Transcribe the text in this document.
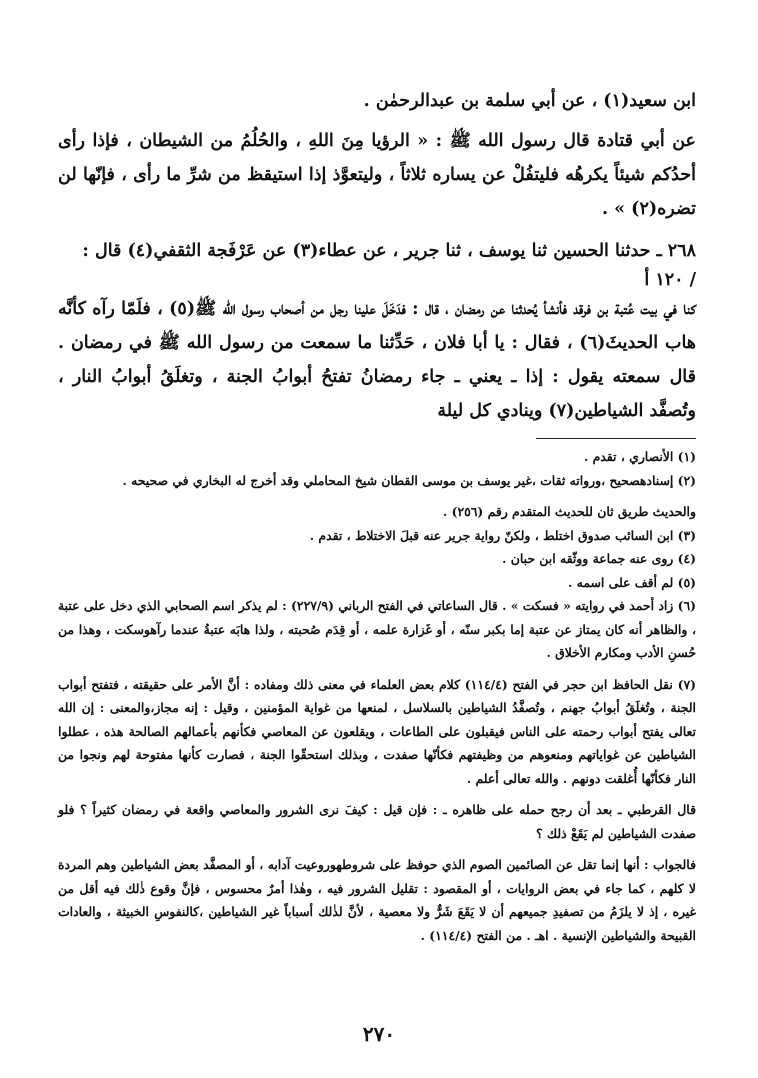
ابن سعيد(١) ، عن أبي سلمة بن عبدالرحمٰن .

عن أبي قتادة قال رسول الله ﷺ : « الرؤيا مِنَ اللهِ ، والحُلُمُ من الشيطان ، فإذا رأى أحدُكم شيئاً يكرهُه فليتفُلْ عن يساره ثلاثاً ، وليتعوَّذ إذا استيقظ من شرِّ ما رأى ، فإنّها لن تضره(٢) » .

٢٦٨ ـ حدثنا الحسين ثنا يوسف ، ثنا جرير ، عن عطاء(٣) عن عَرْفَجة الثقفي(٤) قال :

/ ١٢٠ أ

كنا في بيت عُتبة بن فرقد فأنشأ يُحدثنا عن رمضان ، قال : فدَخَلَ علينا رجل من أصحاب رسول الله ﷺ(٥) ، فلَمّا رآه كأنَّه هاب الحديثَ(٦) ، فقال : يا أبا فلان ، حَدِّثنا ما سمعت من رسول الله ﷺ في رمضان . قال سمعته يقول : إذا ـ يعني ـ جاء رمضانُ تفتحُ أبوابُ الجنة ، وتغلَقُ أبوابُ النار ، وتُصفَّد الشياطين(٧) وينادي كل ليلة

(١) الأنصاري ، تقدم .

(٢) إسنادهصحيح ،ورواته ثقات ،غير يوسف بن موسى القطان شيخ المحاملي وقد أخرج له البخاري في صحيحه .

والحديث طريق ثان للحديث المتقدم رقم (٢٥٦) .

(٣) ابن السائب صدوق اختلط ، ولكنّ رواية جرير عنه قبلَ الاختلاط ، تقدم .

(٤) روى عنه جماعة ووثّقه ابن حبان .

(٥) لم أقف على اسمه .

(٦) زاد أحمد في روايته « فسكت » . قال الساعاتي في الفتح الرباني (٢٢٧/٩) : لم يذكر اسم الصحابي الذي دخل على عتبة ، والظاهر أنه كان يمتاز عن عتبة إما بكبر سنّه ، أو غَزارة علمه ، أو قِدَم صُحبته ، ولذا هابَه عتبةُ عندما رآهوسكت ، وهذا من حُسنِ الأدب ومكارم الأخلاق .

(٧) نقل الحافظ ابن حجر في الفتح (١١٤/٤) كلام بعض العلماء في معنى ذلك ومفاده : أنَّ الأمر على حقيقته ، فتفتح أبواب الجنة ، وتُغلَقُ أبوابُ جهنم ، وتُصفَّدُ الشياطين بالسلاسل ، لمنعها من غواية المؤمنين ، وقيل : إنه مجاز،والمعنى : إن الله تعالى يفتح أبواب رحمته على الناس فيقبلون على الطاعات ، ويقلعون عن المعاصي فكأنهم بأعمالهم الصالحة هذه ، عطلوا الشياطين عن غواياتهم ومنعوهم من وظيفتهم فكأنّها صفدت ، وبذلك استحقّوا الجنة ، فصارت كأنها مفتوحة لهم ونجوا من النار فكأنّها أُغلقت دونهم . والله تعالى أعلم .

قال القرطبي ـ بعد أن رجح حمله على ظاهره ـ : فإن قيل : كيفَ نرى الشرور والمعاصي واقعة في رمضان كثيراً ؟ فلو صفدت الشياطين لم يَقَعْ ذلك ؟

فالجواب : أنها إنما تقل عن الصائمين الصوم الذي حوفظ على شروطهوروعيت آدابه ، أو المصفَّد بعض الشياطين وهم المردة لا كلهم ، كما جاء في بعض الروايات ، أو المقصود : تقليل الشرور فيه ، وهٰذا أمرٌ محسوس ، فإنَّ وقوع ذٰلك فيه أقل من غيره ، إذ لا يلزَمُ من تصفيدِ جميعهم أن لا يَقَعَ شَرٌّ ولا معصية ، لأنَّ لذٰلك أسباباً غير الشياطين ،كالنفوسِ الخبيثة ، والعادات القبيحة والشياطين الإنسية . اهـ . من الفتح (١١٤/٤) .

٢٧٠
